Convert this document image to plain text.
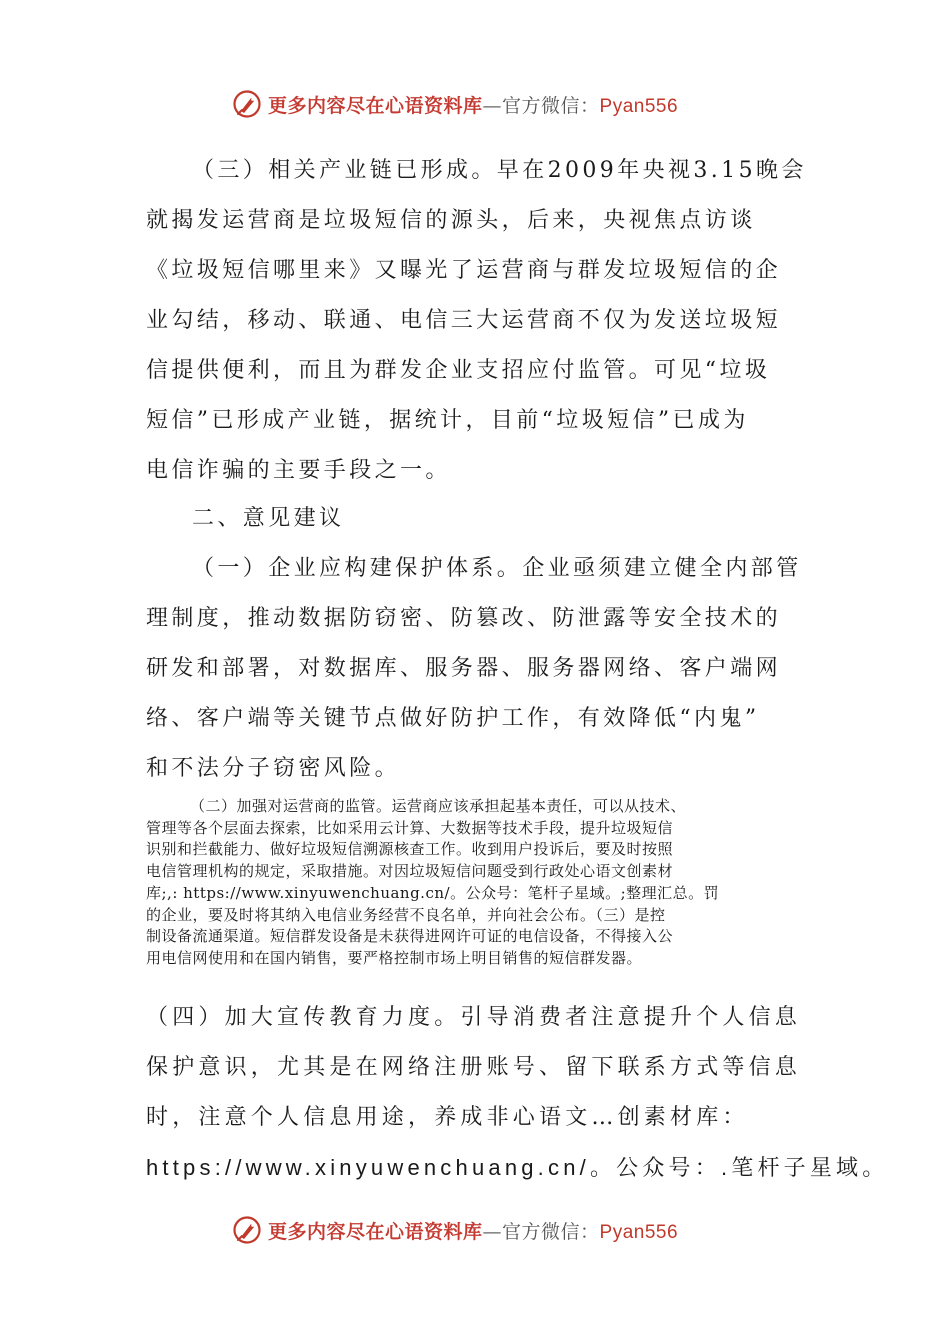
更多内容尽在心语资料库—官方微信：Pyan556

（三）相关产业链已形成。早在2009年央视3.15晚会

就揭发运营商是垃圾短信的源头，后来，央视焦点访谈

《垃圾短信哪里来》又曝光了运营商与群发垃圾短信的企

业勾结，移动、联通、电信三大运营商不仅为发送垃圾短

信提供便利，而且为群发企业支招应付监管。可见“垃圾

短信”已形成产业链，据统计，目前“垃圾短信”已成为

电信诈骗的主要手段之一。

二、意见建议

（一）企业应构建保护体系。企业亟须建立健全内部管

理制度，推动数据防窃密、防篡改、防泄露等安全技术的

研发和部署，对数据库、服务器、服务器网络、客户端网

络、客户端等关键节点做好防护工作，有效降低“内鬼”

和不法分子窃密风险。

（二）加强对运营商的监管。运营商应该承担起基本责任，可以从技术、

管理等各个层面去探索，比如采用云计算、大数据等技术手段，提升垃圾短信

识别和拦截能力、做好垃圾短信溯源核查工作。收到用户投诉后，要及时按照

电信管理机构的规定，采取措施。对因垃圾短信问题受到行政处心语文创素材

库;,: https://www.xinyuwenchuang.cn/。公众号：笔杆子星域。;整理汇总。罚

的企业，要及时将其纳入电信业务经营不良名单，并向社会公布。（三）是控

制设备流通渠道。短信群发设备是未获得进网许可证的电信设备，不得接入公

用电信网使用和在国内销售，要严格控制市场上明目销售的短信群发器。

（四）加大宣传教育力度。引导消费者注意提升个人信息

保护意识，尤其是在网络注册账号、留下联系方式等信息

时，注意个人信息用途，养成非心语文…创素材库：

https://www.xinyuwenchuang.cn/。公众号：.笔杆子星域。

更多内容尽在心语资料库—官方微信：Pyan556
